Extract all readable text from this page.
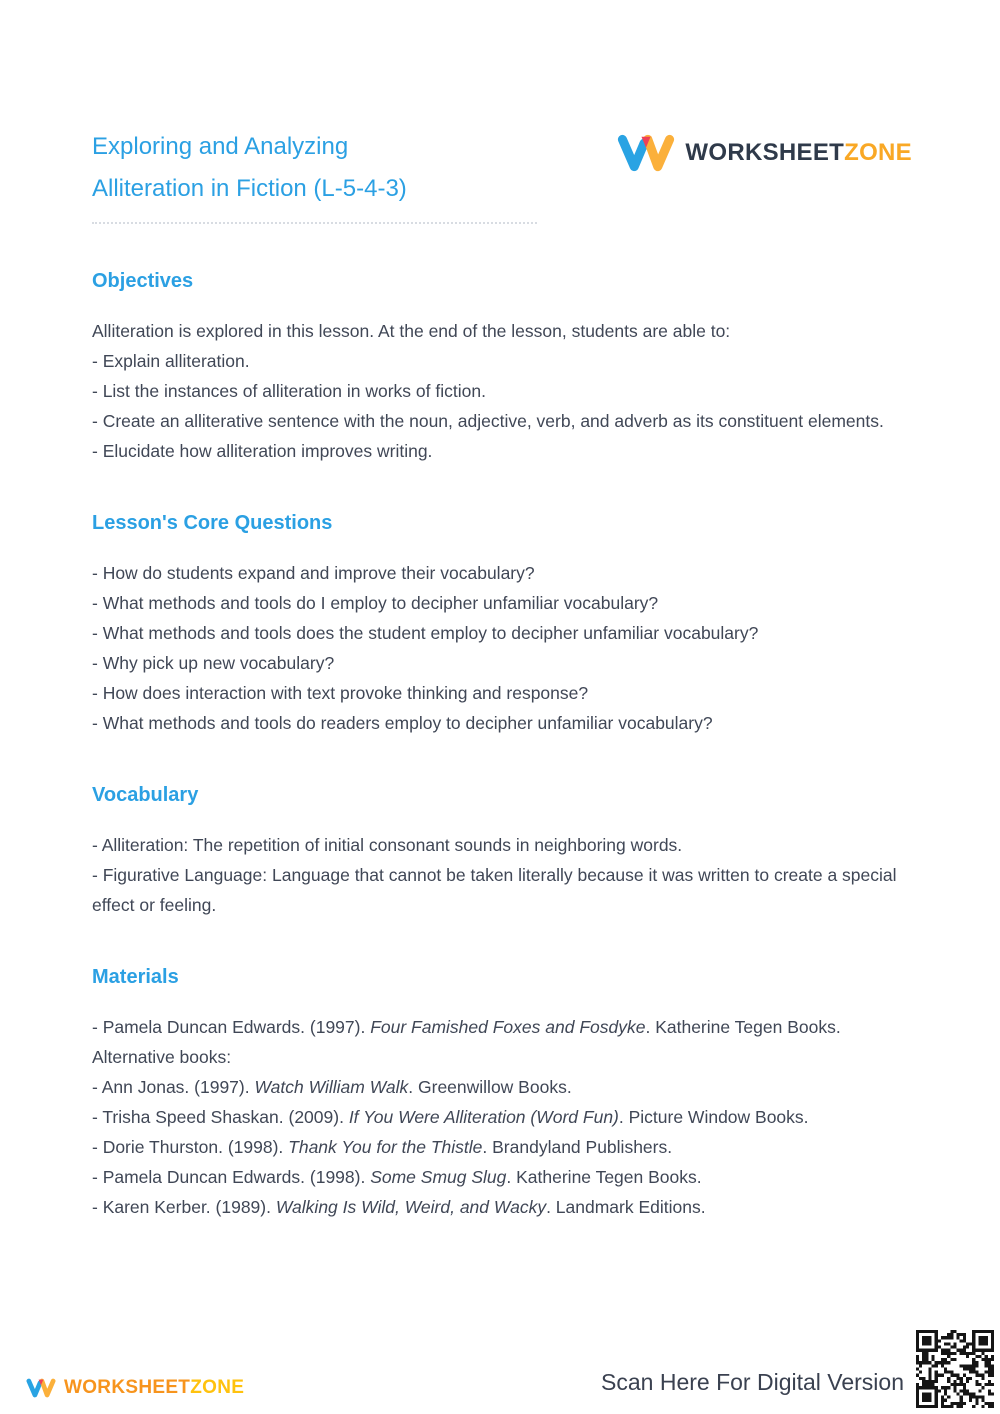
Exploring and Analyzing
Alliteration in Fiction (L-5-4-3)
WORKSHEETZONE
Objectives
Alliteration is explored in this lesson. At the end of the lesson, students are able to:
- Explain alliteration.
- List the instances of alliteration in works of fiction.
- Create an alliterative sentence with the noun, adjective, verb, and adverb as its constituent elements.
- Elucidate how alliteration improves writing.
Lesson's Core Questions
- How do students expand and improve their vocabulary?
- What methods and tools do I employ to decipher unfamiliar vocabulary?
- What methods and tools does the student employ to decipher unfamiliar vocabulary?
- Why pick up new vocabulary?
- How does interaction with text provoke thinking and response?
- What methods and tools do readers employ to decipher unfamiliar vocabulary?
Vocabulary
- Alliteration: The repetition of initial consonant sounds in neighboring words.
- Figurative Language: Language that cannot be taken literally because it was written to create a special effect or feeling.
Materials
- Pamela Duncan Edwards. (1997). Four Famished Foxes and Fosdyke. Katherine Tegen Books.
Alternative books:
- Ann Jonas. (1997). Watch William Walk. Greenwillow Books.
- Trisha Speed Shaskan. (2009). If You Were Alliteration (Word Fun). Picture Window Books.
- Dorie Thurston. (1998). Thank You for the Thistle. Brandyland Publishers.
- Pamela Duncan Edwards. (1998). Some Smug Slug. Katherine Tegen Books.
- Karen Kerber. (1989). Walking Is Wild, Weird, and Wacky. Landmark Editions.
WORKSHEETZONE	Scan Here For Digital Version
